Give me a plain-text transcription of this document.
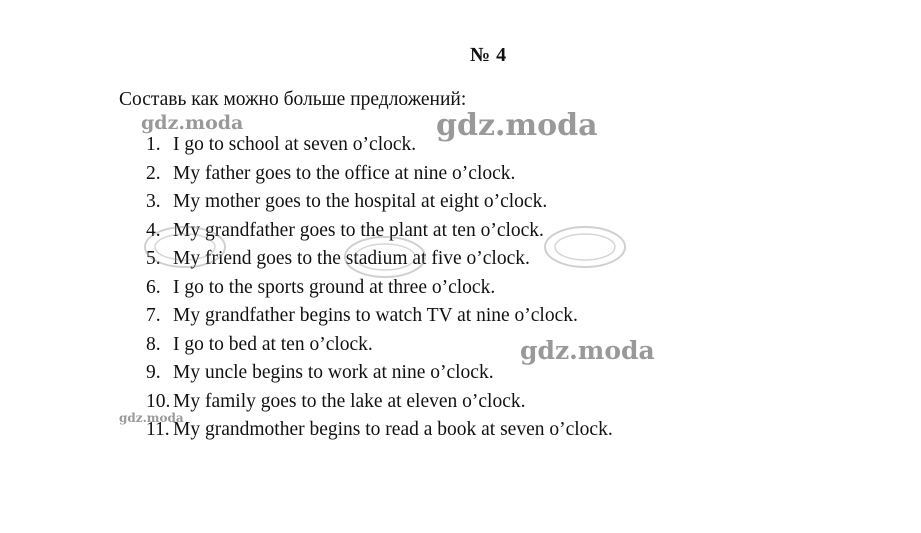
№ 4
Составь как можно больше предложений:
1. I go to school at seven o’clock.
2. My father goes to the office at nine o’clock.
3. My mother goes to the hospital at eight o’clock.
4. My grandfather goes to the plant at ten o’clock.
5. My friend goes to the stadium at five o’clock.
6. I go to the sports ground at three o’clock.
7. My grandfather begins to watch TV at nine o’clock.
8. I go to bed at ten o’clock.
9. My uncle begins to work at nine o’clock.
10. My family goes to the lake at eleven o’clock.
11. My grandmother begins to read a book at seven o’clock.
gdz.moda
gdz.moda
gdz.moda
gdz.moda
